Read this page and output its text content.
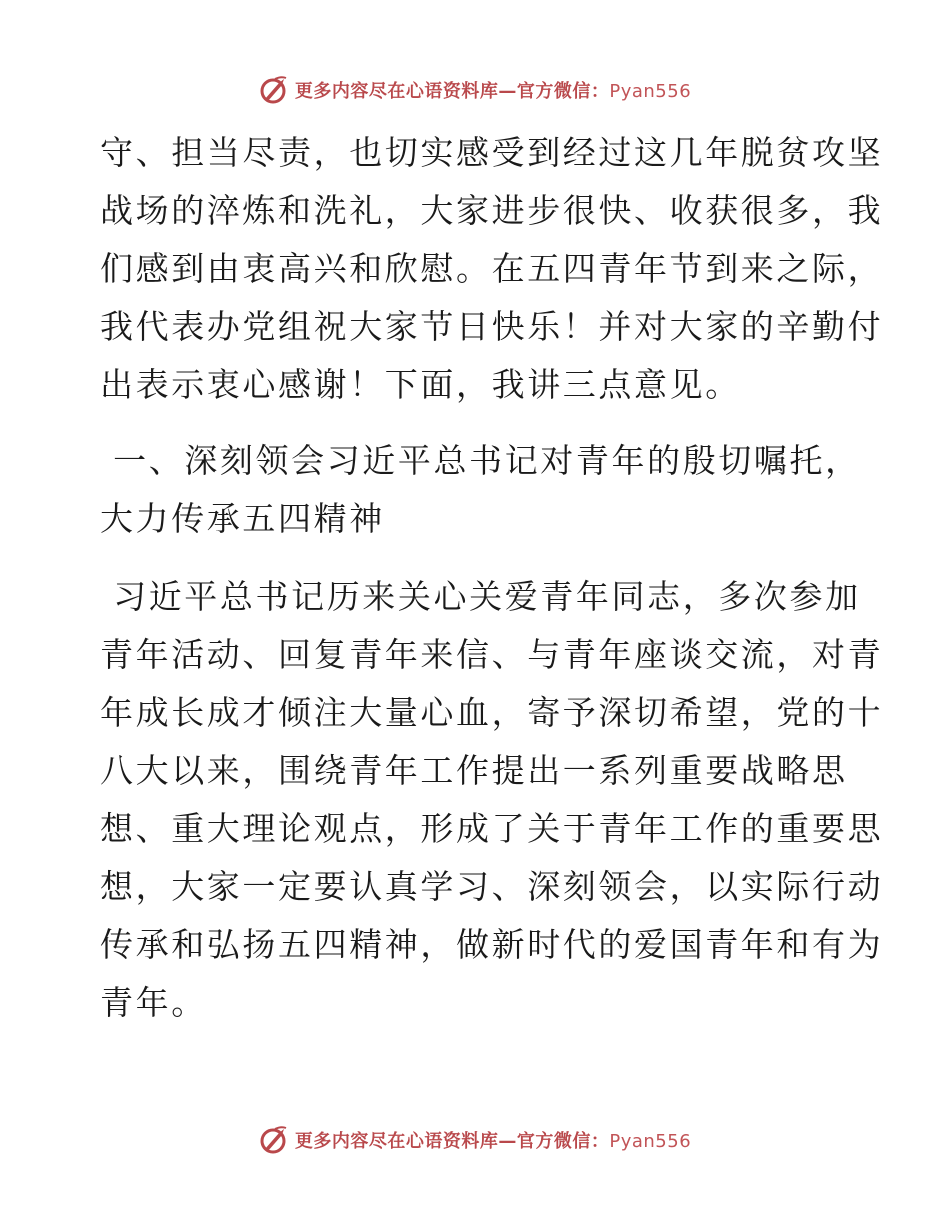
更多内容尽在心语资料库—官方微信：Pyan556
守、担当尽责，也切实感受到经过这几年脱贫攻坚
战场的淬炼和洗礼，大家进步很快、收获很多，我
们感到由衷高兴和欣慰。在五四青年节到来之际，
我代表办党组祝大家节日快乐！并对大家的辛勤付
出表示衷心感谢！下面，我讲三点意见。
一、深刻领会习近平总书记对青年的殷切嘱托，
大力传承五四精神
习近平总书记历来关心关爱青年同志，多次参加
青年活动、回复青年来信、与青年座谈交流，对青
年成长成才倾注大量心血，寄予深切希望，党的十
八大以来，围绕青年工作提出一系列重要战略思
想、重大理论观点，形成了关于青年工作的重要思
想，大家一定要认真学习、深刻领会，以实际行动
传承和弘扬五四精神，做新时代的爱国青年和有为
青年。
更多内容尽在心语资料库—官方微信：Pyan556
